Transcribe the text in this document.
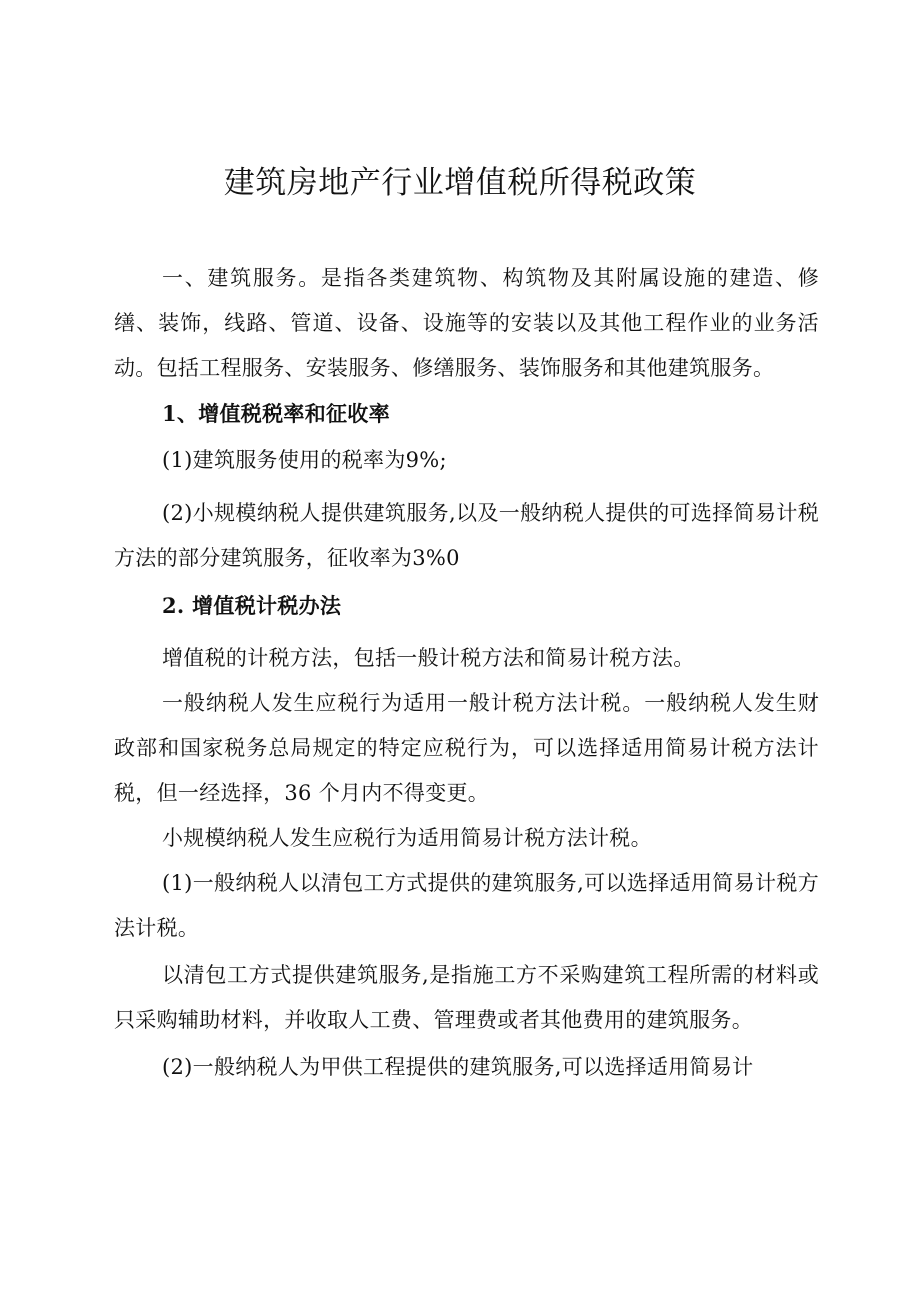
建筑房地产行业增值税所得税政策

一、建筑服务。是指各类建筑物、构筑物及其附属设施的建造、修缮、装饰，线路、管道、设备、设施等的安装以及其他工程作业的业务活动。包括工程服务、安装服务、修缮服务、装饰服务和其他建筑服务。

1、增值税税率和征收率

(1)建筑服务使用的税率为9%;

(2)小规模纳税人提供建筑服务,以及一般纳税人提供的可选择简易计税方法的部分建筑服务，征收率为3%0

2. 增值税计税办法

增值税的计税方法，包括一般计税方法和简易计税方法。

一般纳税人发生应税行为适用一般计税方法计税。一般纳税人发生财政部和国家税务总局规定的特定应税行为，可以选择适用简易计税方法计税，但一经选择，36 个月内不得变更。

小规模纳税人发生应税行为适用简易计税方法计税。

(1)一般纳税人以清包工方式提供的建筑服务,可以选择适用简易计税方法计税。

以清包工方式提供建筑服务,是指施工方不采购建筑工程所需的材料或只采购辅助材料，并收取人工费、管理费或者其他费用的建筑服务。

(2)一般纳税人为甲供工程提供的建筑服务,可以选择适用简易计
